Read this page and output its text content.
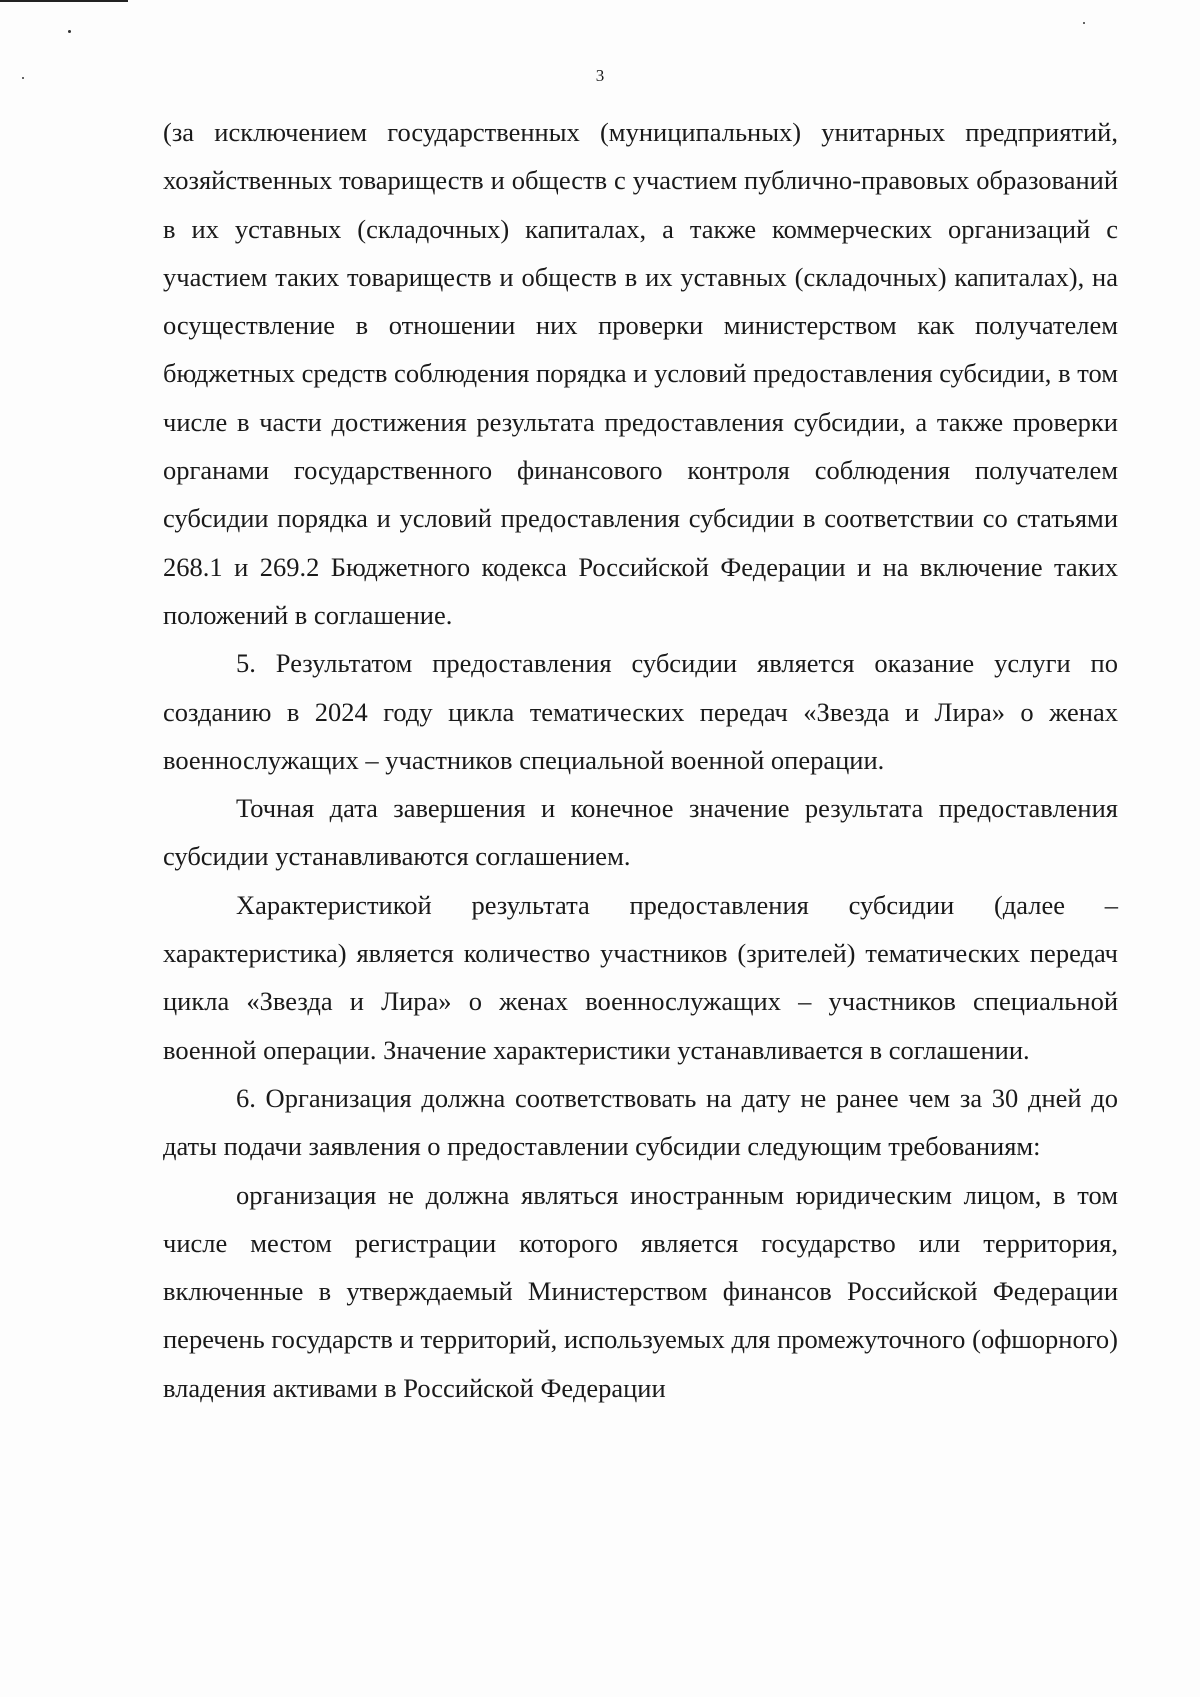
3

(за исключением государственных (муниципальных) унитарных предприятий, хозяйственных товариществ и обществ с участием публично-правовых образований в их уставных (складочных) капиталах, а также коммерческих организаций с участием таких товариществ и обществ в их уставных (складочных) капиталах), на осуществление в отношении них проверки министерством как получателем бюджетных средств соблюдения порядка и условий предоставления субсидии, в том числе в части достижения результата предоставления субсидии, а также проверки органами государственного финансового контроля соблюдения получателем субсидии порядка и условий предоставления субсидии в соответствии со статьями 268.1 и 269.2 Бюджетного кодекса Российской Федерации и на включение таких положений в соглашение.

5. Результатом предоставления субсидии является оказание услуги по созданию в 2024 году цикла тематических передач «Звезда и Лира» о женах военнослужащих – участников специальной военной операции.

Точная дата завершения и конечное значение результата предоставления субсидии устанавливаются соглашением.

Характеристикой результата предоставления субсидии (далее – характеристика) является количество участников (зрителей) тематических передач цикла «Звезда и Лира» о женах военнослужащих – участников специальной военной операции. Значение характеристики устанавливается в соглашении.

6. Организация должна соответствовать на дату не ранее чем за 30 дней до даты подачи заявления о предоставлении субсидии следующим требованиям:

организация не должна являться иностранным юридическим лицом, в том числе местом регистрации которого является государство или территория, включенные в утверждаемый Министерством финансов Российской Федерации перечень государств и территорий, используемых для промежуточного (офшорного) владения активами в Российской Федерации
